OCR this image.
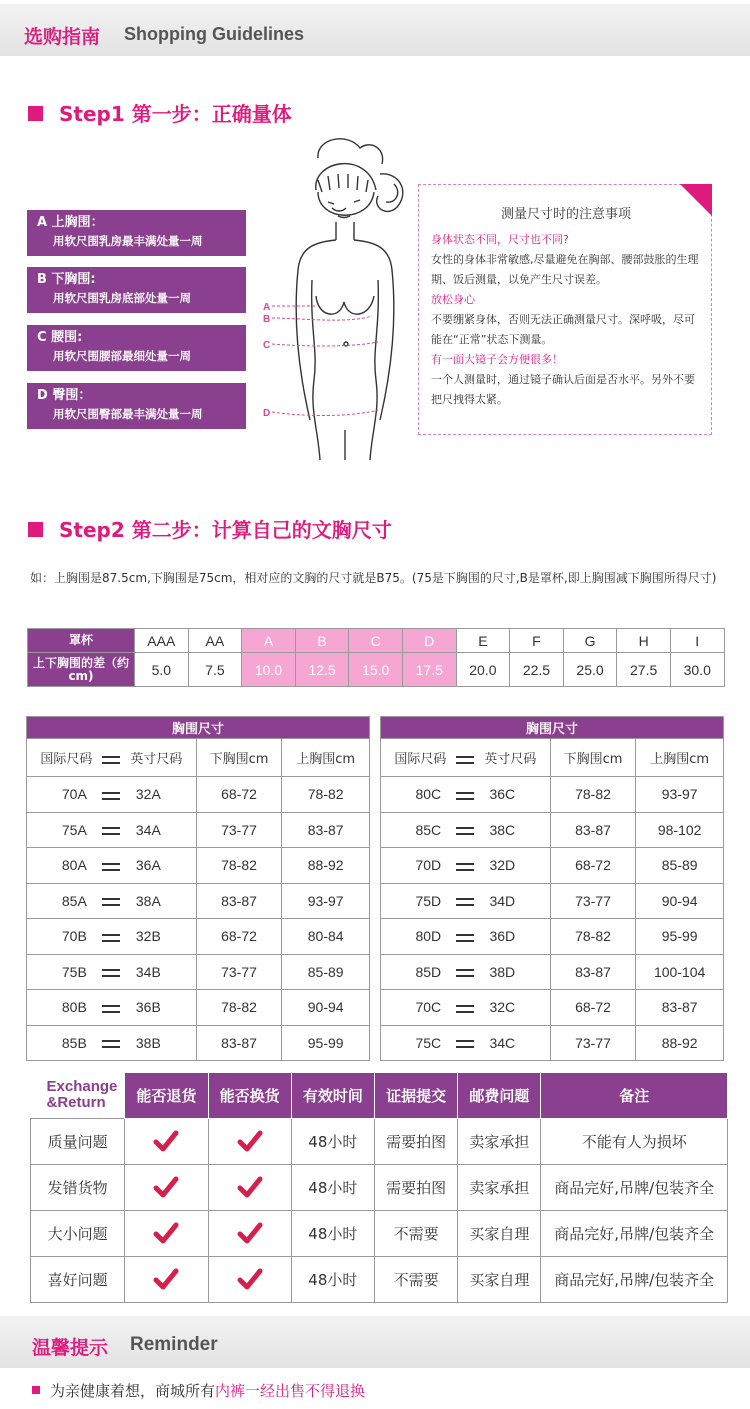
选购指南 Shopping Guidelines
Step1 第一步：正确量体
A 上胸围：
用软尺围乳房最丰满处量一周
B 下胸围:
用软尺围乳房底部处量一周
C 腰围:
用软尺围腰部最细处量一周
D 臀围：
用软尺围臀部最丰满处量一周
A
B
C
D
测量尺寸时的注意事项

身体状态不同，尺寸也不同?

女性的身体非常敏感,尽量避免在胸部、腰部鼓胀的生理期、饭后测量，以免产生尺寸误差。

放松身心

不要绷紧身体，否则无法正确测量尺寸。深呼吸，尽可能在“正常”状态下测量。

有一面大镜子会方便很多！

一个人测量时，通过镜子确认后面是否水平。另外不要把尺拽得太紧。

Step2 第二步：计算自己的文胸尺寸
如：上胸围是87.5cm,下胸围是75cm，相对应的文胸的尺寸就是B75。(75是下胸围的尺寸,B是罩杯,即上胸围减下胸围所得尺寸)
罩杯	AAA	AA	A	B	C	D	E	F	G	H	I
上下胸围的差（约cm)	5.0	7.5	10.0	12.5	15.0	17.5	20.0	22.5	25.0	27.5	30.0
胸围尺寸		
国际尺码 英寸尺码	下胸围cm	上胸围cm
70A 32A	68-72	78-82
75A 34A	73-77	83-87
80A 36A	78-82	88-92
85A 38A	83-87	93-97
70B 32B	68-72	80-84
75B 34B	73-77	85-89
80B 36B	78-82	90-94
85B 38B	83-87	95-99
胸围尺寸		
国际尺码 英寸尺码	下胸围cm	上胸围cm
80C 36C	78-82	93-97
85C 38C	83-87	98-102
70D 32D	68-72	85-89
75D 34D	73-77	90-94
80D 36D	78-82	95-99
85D 38D	83-87	100-104
70C 32C	68-72	83-87
75C 34C	73-77	88-92
Exchange
&Return	能否退货	能否换货	有效时间	证据提交	邮费问题	备注
质量问题			48小时	需要拍图	卖家承担	不能有人为损坏
发错货物			48小时	需要拍图	卖家承担	商品完好,吊牌/包装齐全
大小问题			48小时	不需要	买家自理	商品完好,吊牌/包装齐全
喜好问题			48小时	不需要	买家自理	商品完好,吊牌/包装齐全
温馨提示 Reminder
为亲健康着想，商城所有内裤一经出售不得退换
